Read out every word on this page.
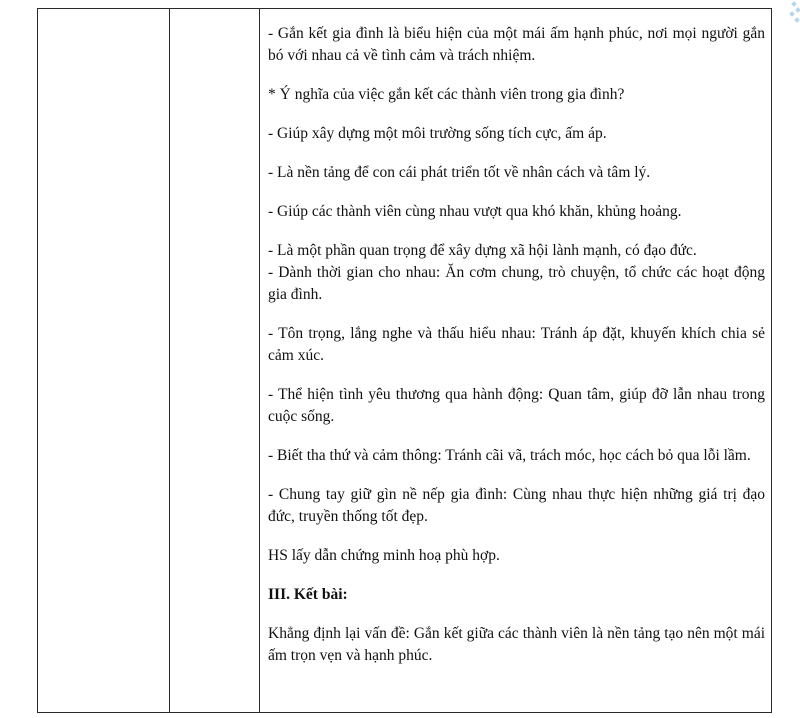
- Gắn kết gia đình là biểu hiện của một mái ấm hạnh phúc, nơi mọi người gắn bó với nhau cả về tình cảm và trách nhiệm.

* Ý nghĩa của việc gắn kết các thành viên trong gia đình?

- Giúp xây dựng một môi trường sống tích cực, ấm áp.

- Là nền tảng để con cái phát triển tốt về nhân cách và tâm lý.

- Giúp các thành viên cùng nhau vượt qua khó khăn, khủng hoảng.

- Là một phần quan trọng để xây dựng xã hội lành mạnh, có đạo đức.

- Dành thời gian cho nhau: Ăn cơm chung, trò chuyện, tổ chức các hoạt động gia đình.

- Tôn trọng, lắng nghe và thấu hiểu nhau: Tránh áp đặt, khuyến khích chia sẻ cảm xúc.

- Thể hiện tình yêu thương qua hành động: Quan tâm, giúp đỡ lẫn nhau trong cuộc sống.

- Biết tha thứ và cảm thông: Tránh cãi vã, trách móc, học cách bỏ qua lỗi lầm.

- Chung tay giữ gìn nề nếp gia đình: Cùng nhau thực hiện những giá trị đạo đức, truyền thống tốt đẹp.

HS lấy dẫn chứng minh hoạ phù hợp.

III. Kết bài:

Khẳng định lại vấn đề: Gắn kết giữa các thành viên là nền tảng tạo nên một mái ấm trọn vẹn và hạnh phúc.
